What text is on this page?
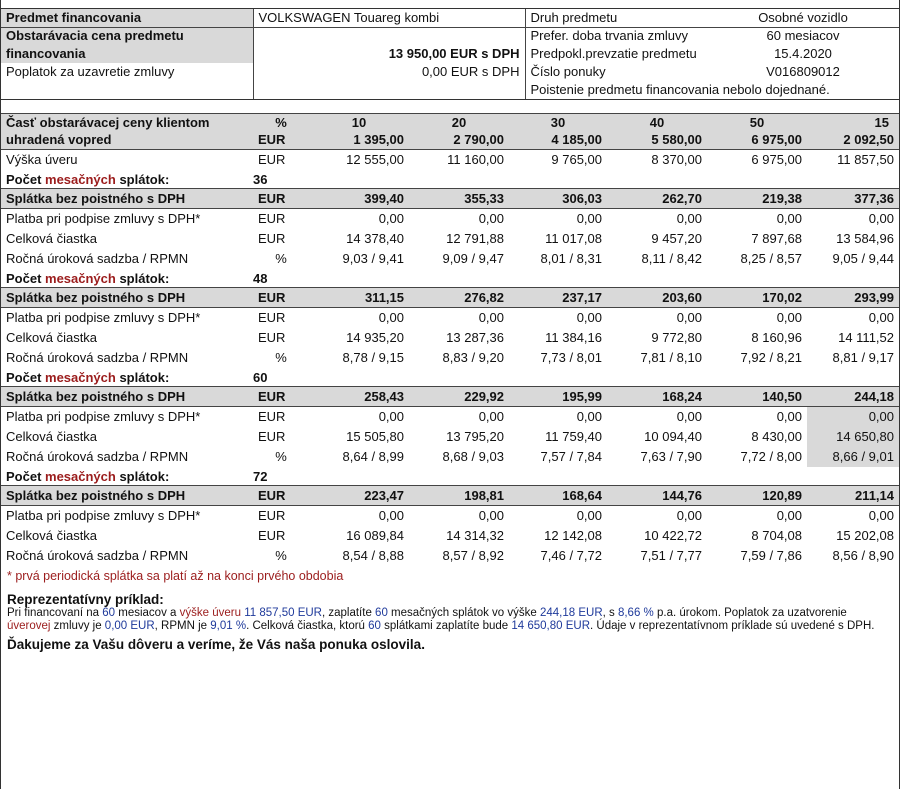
Predmet financovania	VOLKSWAGEN Touareg kombi	Druh predmetu	Osobné vozidlo
Obstarávacia cena predmetu		Prefer. doba trvania zmluvy	60 mesiacov
financovania	13 950,00 EUR s DPH	Predpokl.prevzatie predmetu	15.4.2020
Poplatok za uzavretie zmluvy	0,00 EUR s DPH	Číslo ponuky	V016809012
		Poistenie predmetu financovania nebolo dojednané.	

Časť obstarávacej ceny klientom	%	10	20	30	40	50	15
uhradená vopred	EUR	1 395,00	2 790,00	4 185,00	5 580,00	6 975,00	2 092,50
Výška úveru	EUR	12 555,00	11 160,00	9 765,00	8 370,00	6 975,00	11 857,50
Počet mesačných splátok:	36						
Splátka bez poistného s DPH	EUR	399,40	355,33	306,03	262,70	219,38	377,36
Platba pri podpise zmluvy s DPH*	EUR	0,00	0,00	0,00	0,00	0,00	0,00
Celková čiastka	EUR	14 378,40	12 791,88	11 017,08	9 457,20	7 897,68	13 584,96
Ročná úroková sadzba / RPMN	%	9,03 / 9,41	9,09 / 9,47	8,01 / 8,31	8,11 / 8,42	8,25 / 8,57	9,05 / 9,44
Počet mesačných splátok:	48						
Splátka bez poistného s DPH	EUR	311,15	276,82	237,17	203,60	170,02	293,99
Platba pri podpise zmluvy s DPH*	EUR	0,00	0,00	0,00	0,00	0,00	0,00
Celková čiastka	EUR	14 935,20	13 287,36	11 384,16	9 772,80	8 160,96	14 111,52
Ročná úroková sadzba / RPMN	%	8,78 / 9,15	8,83 / 9,20	7,73 / 8,01	7,81 / 8,10	7,92 / 8,21	8,81 / 9,17
Počet mesačných splátok:	60						
Splátka bez poistného s DPH	EUR	258,43	229,92	195,99	168,24	140,50	244,18
Platba pri podpise zmluvy s DPH*	EUR	0,00	0,00	0,00	0,00	0,00	0,00
Celková čiastka	EUR	15 505,80	13 795,20	11 759,40	10 094,40	8 430,00	14 650,80
Ročná úroková sadzba / RPMN	%	8,64 / 8,99	8,68 / 9,03	7,57 / 7,84	7,63 / 7,90	7,72 / 8,00	8,66 / 9,01
Počet mesačných splátok:	72						
Splátka bez poistného s DPH	EUR	223,47	198,81	168,64	144,76	120,89	211,14
Platba pri podpise zmluvy s DPH*	EUR	0,00	0,00	0,00	0,00	0,00	0,00
Celková čiastka	EUR	16 089,84	14 314,32	12 142,08	10 422,72	8 704,08	15 202,08
Ročná úroková sadzba / RPMN	%	8,54 / 8,88	8,57 / 8,92	7,46 / 7,72	7,51 / 7,77	7,59 / 7,86	8,56 / 8,90
* prvá periodická splátka sa platí až na konci prvého obdobia
Reprezentatívny príklad:
Pri financovaní na 60 mesiacov a výške úveru 11 857,50 EUR, zaplatíte 60 mesačných splátok vo výške 244,18 EUR, s 8,66 % p.a. úrokom. Poplatok za uzatvorenie úverovej zmluvy je 0,00 EUR, RPMN je 9,01 %. Celková čiastka, ktorú 60 splátkami zaplatíte bude 14 650,80 EUR. Údaje v reprezentatívnom príklade sú uvedené s DPH.
Ďakujeme za Vašu dôveru a veríme, že Vás naša ponuka oslovila.
